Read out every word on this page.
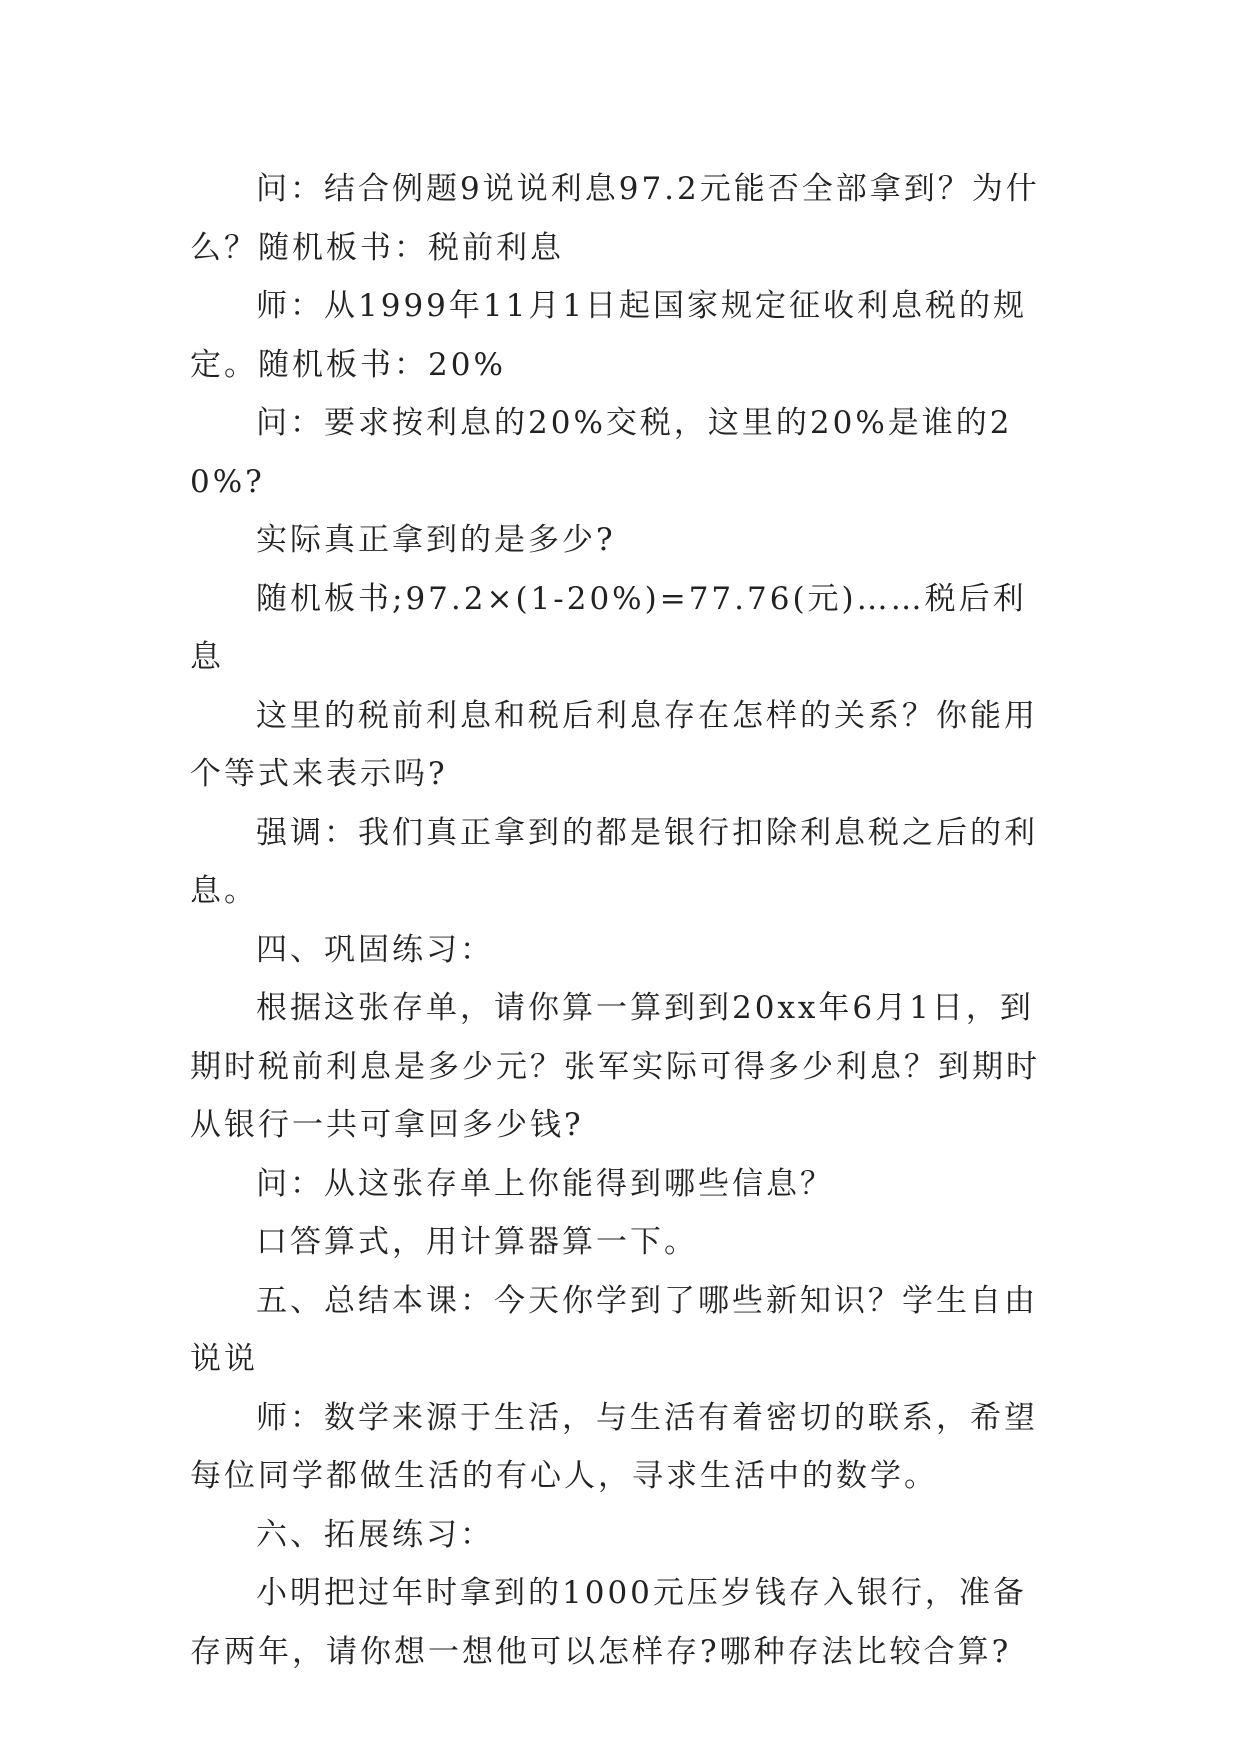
问：结合例题9说说利息97.2元能否全部拿到？为什么？随机板书：税前利息

师：从1999年11月1日起国家规定征收利息税的规定。随机板书：20%

问：要求按利息的20%交税，这里的20%是谁的20%?

实际真正拿到的是多少?

随机板书;97.2×(1-20%)=77.76(元)……税后利息

这里的税前利息和税后利息存在怎样的关系？你能用个等式来表示吗?

强调：我们真正拿到的都是银行扣除利息税之后的利息。

四、巩固练习：

根据这张存单，请你算一算到到20xx年6月1日，到期时税前利息是多少元？张军实际可得多少利息？到期时从银行一共可拿回多少钱?

问：从这张存单上你能得到哪些信息？

口答算式，用计算器算一下。

五、总结本课：今天你学到了哪些新知识？学生自由说说

师：数学来源于生活，与生活有着密切的联系，希望每位同学都做生活的有心人，寻求生活中的数学。

六、拓展练习：

小明把过年时拿到的1000元压岁钱存入银行，准备存两年，请你想一想他可以怎样存?哪种存法比较合算?
